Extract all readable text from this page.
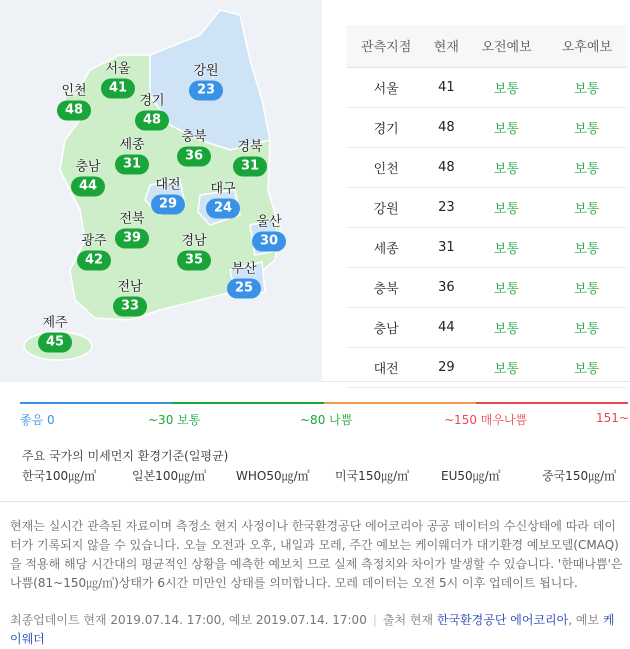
서울
41
강원
23
인천
48
경기
48
충북
36
세종
31
경북
31
충남
44	대전
29
대구
24
전북
39
울산
30
광주
42
경남
35
부산
25
전남
33
제주
45
관측지점	현재	오전예보	오후예보
서울	41	보통	보통
경기	48	보통	보통
인천	48	보통	보통
강원	23	보통	보통
세종	31	보통	보통
충북	36	보통	보통
충남	44	보통	보통
대전	29	보통	보통
좋음 0	~30 보통	~80 나쁨	~150 매우나쁨	151~
주요 국가의 미세먼지 환경기준(일평균)
한국100㎍/㎥	일본100㎍/㎥ WHO50㎍/㎥ 미국150㎍/㎥	EU50㎍/㎥	중국150㎍/㎥

현재는 실시간 관측된 자료이며 측정소 현지 사정이나 한국환경공단 에어코리아 공공 데이터의 수신상태에 따라 데이터가 기록되지 않을 수 있습니다. 오늘 오전과 오후, 내일과 모레, 주간 예보는 케이웨더가 대기환경 예보모델(CMAQ)을 적용해 해당 시간대의 평균적인 상황을 예측한 예보치 므로 실제 측정치와 차이가 발생할 수 있습니다. '한때나쁨'은 나쁨(81~150㎍/㎥)상태가 6시간 미만인 상태를 의미합니다. 모레 데이터는 오전 5시 이후 업데이트 됩니다.

최종업데이트 현재 2019.07.14. 17:00, 예보 2019.07.14. 17:00 | 출처 현재 한국환경공단 에어코리아, 예보 케이웨더
